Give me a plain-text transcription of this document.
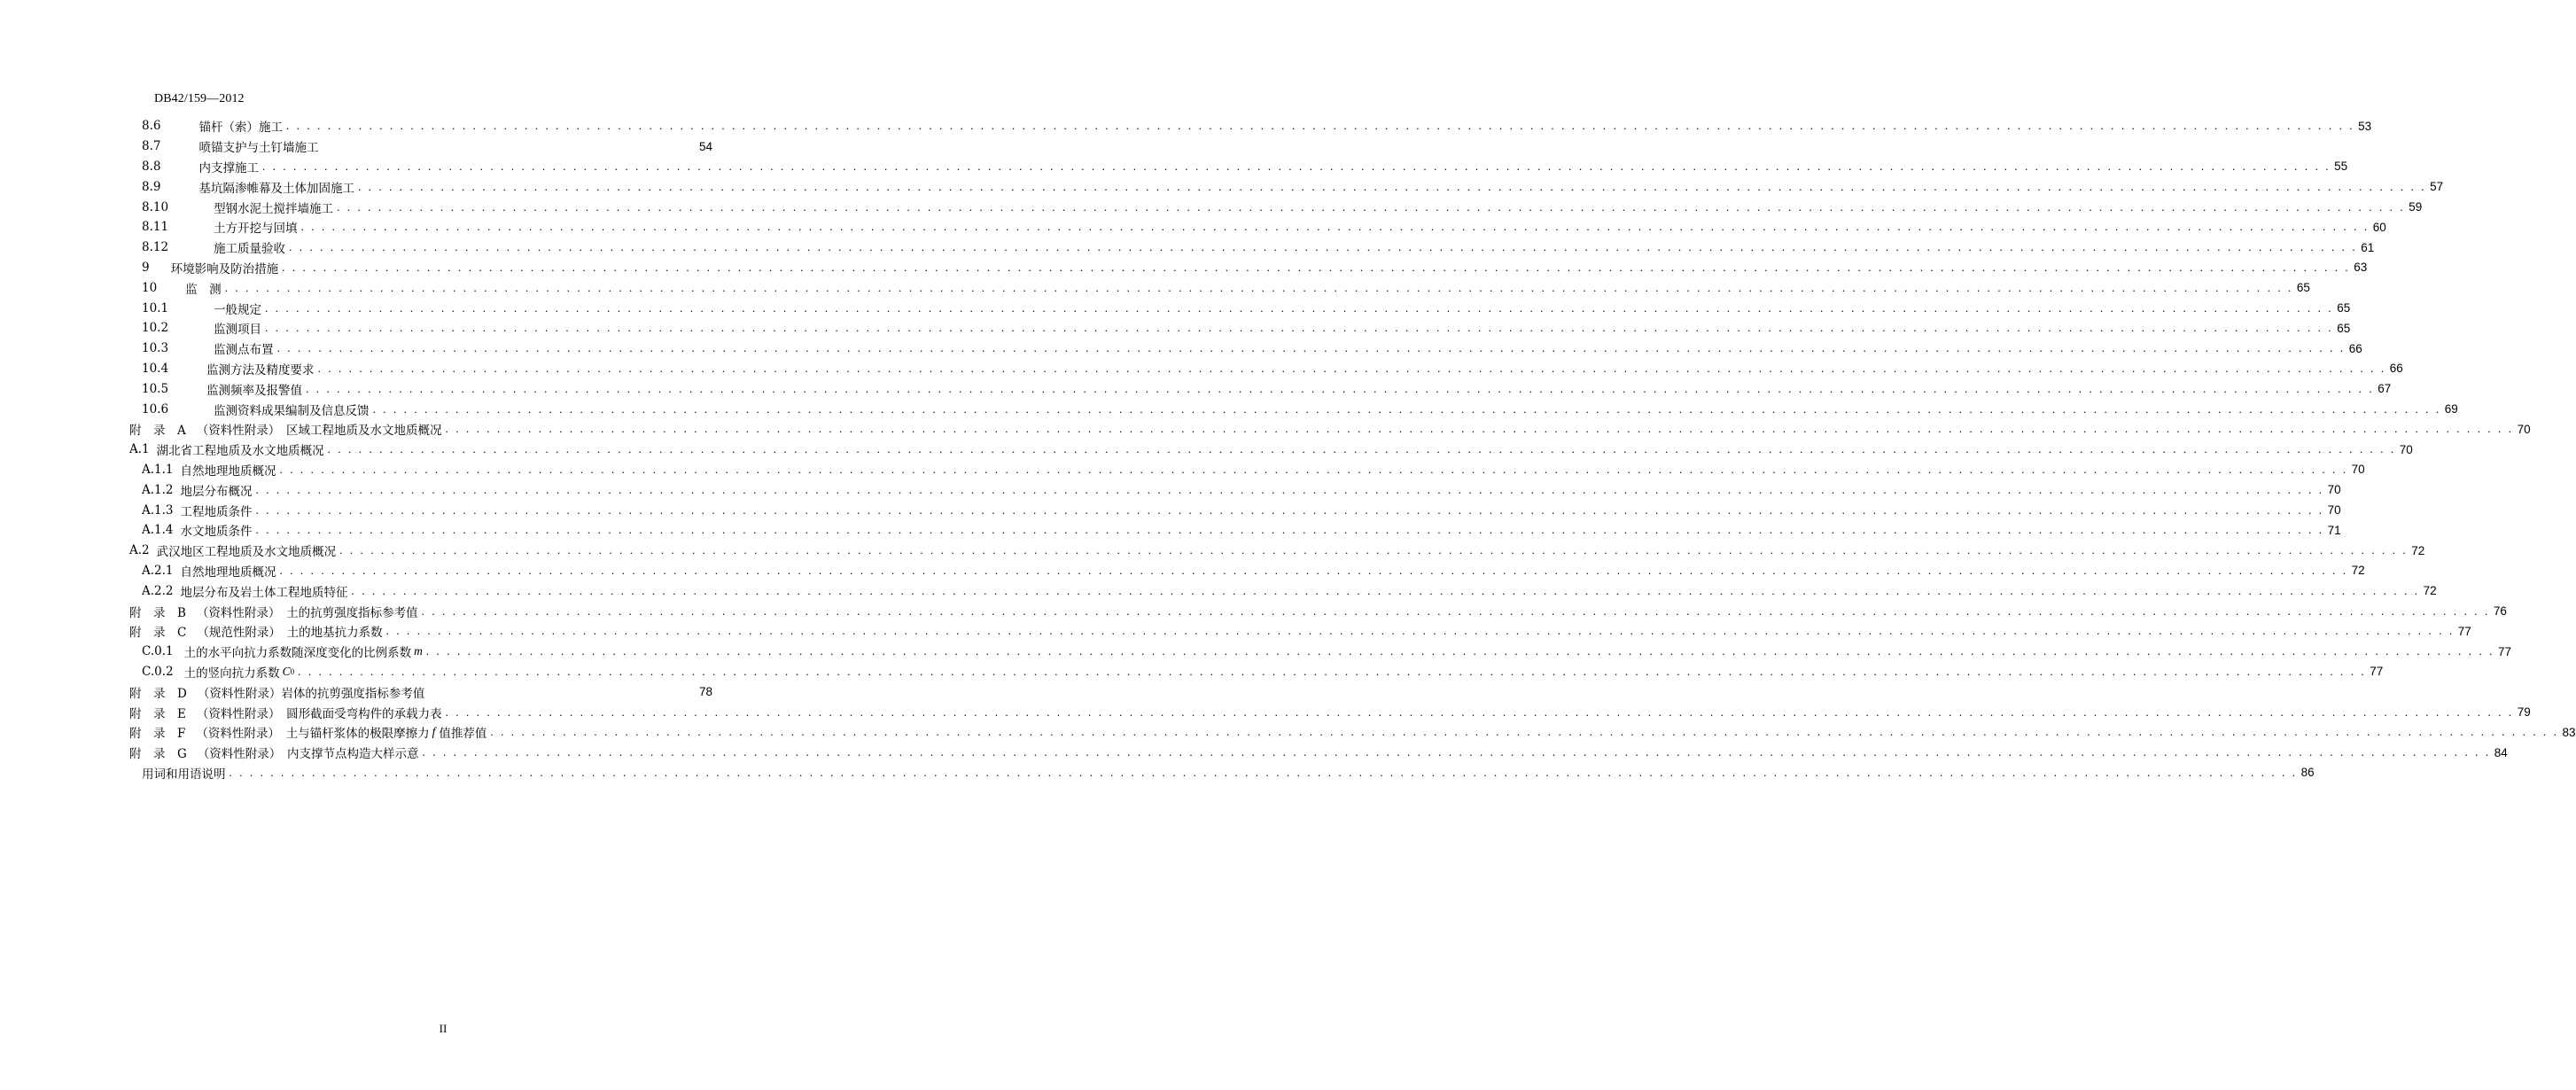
DB42/159—2012
8.6	锚杆（索）施工 . . . . . . . . . . . . . . . . . . . . . . . . . . . . . . . . . . . . . . . . . . . . . . . . . . . . . . . . . . . . . . . . . . . . . . . . . . . . . . . . . . . . . . . . . . . . . . . . . . . . . . . . . . . . . . . . . . . . . . . . . . . . . . . . . . . . . . . . . . . . . . . . . . . . . . . . . . . . . . . . . . . . . . . . . . . . . . . . . . . . . . . . . . . . . . . . . . . . . . . . 53
8.7	喷锚支护与土钉墙施工	54
8.8	内支撑施工 . . . . . . . . . . . . . . . . . . . . . . . . . . . . . . . . . . . . . . . . . . . . . . . . . . . . . . . . . . . . . . . . . . . . . . . . . . . . . . . . . . . . . . . . . . . . . . . . . . . . . . . . . . . . . . . . . . . . . . . . . . . . . . . . . . . . . . . . . . . . . . . . . . . . . . . . . . . . . . . . . . . . . . . . . . . . . . . . . . . . . . . . . . . . . . . . . . . . . . . . 55
8.9	基坑隔渗帷幕及土体加固施工 . . . . . . . . . . . . . . . . . . . . . . . . . . . . . . . . . . . . . . . . . . . . . . . . . . . . . . . . . . . . . . . . . . . . . . . . . . . . . . . . . . . . . . . . . . . . . . . . . . . . . . . . . . . . . . . . . . . . . . . . . . . . . . . . . . . . . . . . . . . . . . . . . . . . . . . . . . . . . . . . . . . . . . . . . . . . . . . . . . . . . . . . . . . . . . . . . . . . . . . . 57
8.10	型钢水泥土搅拌墙施工 . . . . . . . . . . . . . . . . . . . . . . . . . . . . . . . . . . . . . . . . . . . . . . . . . . . . . . . . . . . . . . . . . . . . . . . . . . . . . . . . . . . . . . . . . . . . . . . . . . . . . . . . . . . . . . . . . . . . . . . . . . . . . . . . . . . . . . . . . . . . . . . . . . . . . . . . . . . . . . . . . . . . . . . . . . . . . . . . . . . . . . . . . . . . . . . . . . . . . . . . 59
8.11	土方开挖与回填 . . . . . . . . . . . . . . . . . . . . . . . . . . . . . . . . . . . . . . . . . . . . . . . . . . . . . . . . . . . . . . . . . . . . . . . . . . . . . . . . . . . . . . . . . . . . . . . . . . . . . . . . . . . . . . . . . . . . . . . . . . . . . . . . . . . . . . . . . . . . . . . . . . . . . . . . . . . . . . . . . . . . . . . . . . . . . . . . . . . . . . . . . . . . . . . . . . . . . . . . 60
8.12	施工质量验收 . . . . . . . . . . . . . . . . . . . . . . . . . . . . . . . . . . . . . . . . . . . . . . . . . . . . . . . . . . . . . . . . . . . . . . . . . . . . . . . . . . . . . . . . . . . . . . . . . . . . . . . . . . . . . . . . . . . . . . . . . . . . . . . . . . . . . . . . . . . . . . . . . . . . . . . . . . . . . . . . . . . . . . . . . . . . . . . . . . . . . . . . . . . . . . . . . . . . . . . . 61
9 环境影响及防治措施 . . . . . . . . . . . . . . . . . . . . . . . . . . . . . . . . . . . . . . . . . . . . . . . . . . . . . . . . . . . . . . . . . . . . . . . . . . . . . . . . . . . . . . . . . . . . . . . . . . . . . . . . . . . . . . . . . . . . . . . . . . . . . . . . . . . . . . . . . . . . . . . . . . . . . . . . . . . . . . . . . . . . . . . . . . . . . . . . . . . . . . . . . . . . . . . . . . . . . . . . 63
10 监　测 . . . . . . . . . . . . . . . . . . . . . . . . . . . . . . . . . . . . . . . . . . . . . . . . . . . . . . . . . . . . . . . . . . . . . . . . . . . . . . . . . . . . . . . . . . . . . . . . . . . . . . . . . . . . . . . . . . . . . . . . . . . . . . . . . . . . . . . . . . . . . . . . . . . . . . . . . . . . . . . . . . . . . . . . . . . . . . . . . . . . . . . . . . . . . . . . . . . . . . . . 65
10.1	一般规定 . . . . . . . . . . . . . . . . . . . . . . . . . . . . . . . . . . . . . . . . . . . . . . . . . . . . . . . . . . . . . . . . . . . . . . . . . . . . . . . . . . . . . . . . . . . . . . . . . . . . . . . . . . . . . . . . . . . . . . . . . . . . . . . . . . . . . . . . . . . . . . . . . . . . . . . . . . . . . . . . . . . . . . . . . . . . . . . . . . . . . . . . . . . . . . . . . . . . . . . . 65
10.2	监测项目 . . . . . . . . . . . . . . . . . . . . . . . . . . . . . . . . . . . . . . . . . . . . . . . . . . . . . . . . . . . . . . . . . . . . . . . . . . . . . . . . . . . . . . . . . . . . . . . . . . . . . . . . . . . . . . . . . . . . . . . . . . . . . . . . . . . . . . . . . . . . . . . . . . . . . . . . . . . . . . . . . . . . . . . . . . . . . . . . . . . . . . . . . . . . . . . . . . . . . . . . 65
10.3	监测点布置 . . . . . . . . . . . . . . . . . . . . . . . . . . . . . . . . . . . . . . . . . . . . . . . . . . . . . . . . . . . . . . . . . . . . . . . . . . . . . . . . . . . . . . . . . . . . . . . . . . . . . . . . . . . . . . . . . . . . . . . . . . . . . . . . . . . . . . . . . . . . . . . . . . . . . . . . . . . . . . . . . . . . . . . . . . . . . . . . . . . . . . . . . . . . . . . . . . . . . . . . 66
10.4	监测方法及精度要求 . . . . . . . . . . . . . . . . . . . . . . . . . . . . . . . . . . . . . . . . . . . . . . . . . . . . . . . . . . . . . . . . . . . . . . . . . . . . . . . . . . . . . . . . . . . . . . . . . . . . . . . . . . . . . . . . . . . . . . . . . . . . . . . . . . . . . . . . . . . . . . . . . . . . . . . . . . . . . . . . . . . . . . . . . . . . . . . . . . . . . . . . . . . . . . . . . . . . . . . . 66
10.5	监测频率及报警值 . . . . . . . . . . . . . . . . . . . . . . . . . . . . . . . . . . . . . . . . . . . . . . . . . . . . . . . . . . . . . . . . . . . . . . . . . . . . . . . . . . . . . . . . . . . . . . . . . . . . . . . . . . . . . . . . . . . . . . . . . . . . . . . . . . . . . . . . . . . . . . . . . . . . . . . . . . . . . . . . . . . . . . . . . . . . . . . . . . . . . . . . . . . . . . . . . . . . . . . . 67
10.6	监测资料成果编制及信息反馈 . . . . . . . . . . . . . . . . . . . . . . . . . . . . . . . . . . . . . . . . . . . . . . . . . . . . . . . . . . . . . . . . . . . . . . . . . . . . . . . . . . . . . . . . . . . . . . . . . . . . . . . . . . . . . . . . . . . . . . . . . . . . . . . . . . . . . . . . . . . . . . . . . . . . . . . . . . . . . . . . . . . . . . . . . . . . . . . . . . . . . . . . . . . . . . . . . . . . . . . . 69
附　录　A （资料性附录）　区域工程地质及水文地质概况 . . . . . . . . . . . . . . . . . . . . . . . . . . . . . . . . . . . . . . . . . . . . . . . . . . . . . . . . . . . . . . . . . . . . . . . . . . . . . . . . . . . . . . . . . . . . . . . . . . . . . . . . . . . . . . . . . . . . . . . . . . . . . . . . . . . . . . . . . . . . . . . . . . . . . . . . . . . . . . . . . . . . . . . . . . . . . . . . . . . . . . . . . . . . . . . . . . . . . . . . 70
A.1 湖北省工程地质及水文地质概况 . . . . . . . . . . . . . . . . . . . . . . . . . . . . . . . . . . . . . . . . . . . . . . . . . . . . . . . . . . . . . . . . . . . . . . . . . . . . . . . . . . . . . . . . . . . . . . . . . . . . . . . . . . . . . . . . . . . . . . . . . . . . . . . . . . . . . . . . . . . . . . . . . . . . . . . . . . . . . . . . . . . . . . . . . . . . . . . . . . . . . . . . . . . . . . . . . . . . . . . . 70
A.1.1 自然地理地质概况 . . . . . . . . . . . . . . . . . . . . . . . . . . . . . . . . . . . . . . . . . . . . . . . . . . . . . . . . . . . . . . . . . . . . . . . . . . . . . . . . . . . . . . . . . . . . . . . . . . . . . . . . . . . . . . . . . . . . . . . . . . . . . . . . . . . . . . . . . . . . . . . . . . . . . . . . . . . . . . . . . . . . . . . . . . . . . . . . . . . . . . . . . . . . . . . . . . . . . . . . 70
A.1.2 地层分布概况 . . . . . . . . . . . . . . . . . . . . . . . . . . . . . . . . . . . . . . . . . . . . . . . . . . . . . . . . . . . . . . . . . . . . . . . . . . . . . . . . . . . . . . . . . . . . . . . . . . . . . . . . . . . . . . . . . . . . . . . . . . . . . . . . . . . . . . . . . . . . . . . . . . . . . . . . . . . . . . . . . . . . . . . . . . . . . . . . . . . . . . . . . . . . . . . . . . . . . . . . 70
A.1.3 工程地质条件 . . . . . . . . . . . . . . . . . . . . . . . . . . . . . . . . . . . . . . . . . . . . . . . . . . . . . . . . . . . . . . . . . . . . . . . . . . . . . . . . . . . . . . . . . . . . . . . . . . . . . . . . . . . . . . . . . . . . . . . . . . . . . . . . . . . . . . . . . . . . . . . . . . . . . . . . . . . . . . . . . . . . . . . . . . . . . . . . . . . . . . . . . . . . . . . . . . . . . . . . 70
A.1.4 水文地质条件 . . . . . . . . . . . . . . . . . . . . . . . . . . . . . . . . . . . . . . . . . . . . . . . . . . . . . . . . . . . . . . . . . . . . . . . . . . . . . . . . . . . . . . . . . . . . . . . . . . . . . . . . . . . . . . . . . . . . . . . . . . . . . . . . . . . . . . . . . . . . . . . . . . . . . . . . . . . . . . . . . . . . . . . . . . . . . . . . . . . . . . . . . . . . . . . . . . . . . . . . 71
A.2 武汉地区工程地质及水文地质概况 . . . . . . . . . . . . . . . . . . . . . . . . . . . . . . . . . . . . . . . . . . . . . . . . . . . . . . . . . . . . . . . . . . . . . . . . . . . . . . . . . . . . . . . . . . . . . . . . . . . . . . . . . . . . . . . . . . . . . . . . . . . . . . . . . . . . . . . . . . . . . . . . . . . . . . . . . . . . . . . . . . . . . . . . . . . . . . . . . . . . . . . . . . . . . . . . . . . . . . . . 72
A.2.1 自然地理地质概况 . . . . . . . . . . . . . . . . . . . . . . . . . . . . . . . . . . . . . . . . . . . . . . . . . . . . . . . . . . . . . . . . . . . . . . . . . . . . . . . . . . . . . . . . . . . . . . . . . . . . . . . . . . . . . . . . . . . . . . . . . . . . . . . . . . . . . . . . . . . . . . . . . . . . . . . . . . . . . . . . . . . . . . . . . . . . . . . . . . . . . . . . . . . . . . . . . . . . . . . . 72
A.2.2 地层分布及岩土体工程地质特征 . . . . . . . . . . . . . . . . . . . . . . . . . . . . . . . . . . . . . . . . . . . . . . . . . . . . . . . . . . . . . . . . . . . . . . . . . . . . . . . . . . . . . . . . . . . . . . . . . . . . . . . . . . . . . . . . . . . . . . . . . . . . . . . . . . . . . . . . . . . . . . . . . . . . . . . . . . . . . . . . . . . . . . . . . . . . . . . . . . . . . . . . . . . . . . . . . . . . . . . . 72
附　录　B （资料性附录）　土的抗剪强度指标参考值 . . . . . . . . . . . . . . . . . . . . . . . . . . . . . . . . . . . . . . . . . . . . . . . . . . . . . . . . . . . . . . . . . . . . . . . . . . . . . . . . . . . . . . . . . . . . . . . . . . . . . . . . . . . . . . . . . . . . . . . . . . . . . . . . . . . . . . . . . . . . . . . . . . . . . . . . . . . . . . . . . . . . . . . . . . . . . . . . . . . . . . . . . . . . . . . . . . . . . . . . 76
附　录　C （规范性附录）　土的地基抗力系数 . . . . . . . . . . . . . . . . . . . . . . . . . . . . . . . . . . . . . . . . . . . . . . . . . . . . . . . . . . . . . . . . . . . . . . . . . . . . . . . . . . . . . . . . . . . . . . . . . . . . . . . . . . . . . . . . . . . . . . . . . . . . . . . . . . . . . . . . . . . . . . . . . . . . . . . . . . . . . . . . . . . . . . . . . . . . . . . . . . . . . . . . . . . . . . . . . . . . . . . . 77
C.0.1 土的水平向抗力系数随深度变化的比例系数 m . . . . . . . . . . . . . . . . . . . . . . . . . . . . . . . . . . . . . . . . . . . . . . . . . . . . . . . . . . . . . . . . . . . . . . . . . . . . . . . . . . . . . . . . . . . . . . . . . . . . . . . . . . . . . . . . . . . . . . . . . . . . . . . . . . . . . . . . . . . . . . . . . . . . . . . . . . . . . . . . . . . . . . . . . . . . . . . . . . . . . . . . . . . . . . . . . . . . . . . . 77
C.0.2 土的竖向抗力系数 C 0 . . . . . . . . . . . . . . . . . . . . . . . . . . . . . . . . . . . . . . . . . . . . . . . . . . . . . . . . . . . . . . . . . . . . . . . . . . . . . . . . . . . . . . . . . . . . . . . . . . . . . . . . . . . . . . . . . . . . . . . . . . . . . . . . . . . . . . . . . . . . . . . . . . . . . . . . . . . . . . . . . . . . . . . . . . . . . . . . . . . . . . . . . . . . . . . . . . . . . . . . 77
附　录　D （资料性附录）岩体的抗剪强度指标参考值	78
附　录　E （资料性附录）　圆形截面受弯构件的承载力表 . . . . . . . . . . . . . . . . . . . . . . . . . . . . . . . . . . . . . . . . . . . . . . . . . . . . . . . . . . . . . . . . . . . . . . . . . . . . . . . . . . . . . . . . . . . . . . . . . . . . . . . . . . . . . . . . . . . . . . . . . . . . . . . . . . . . . . . . . . . . . . . . . . . . . . . . . . . . . . . . . . . . . . . . . . . . . . . . . . . . . . . . . . . . . . . . . . . . . . . . 79
附　录　F （资料性附录）　土与锚杆浆体的极限摩擦力 f 值推荐值 . . . . . . . . . . . . . . . . . . . . . . . . . . . . . . . . . . . . . . . . . . . . . . . . . . . . . . . . . . . . . . . . . . . . . . . . . . . . . . . . . . . . . . . . . . . . . . . . . . . . . . . . . . . . . . . . . . . . . . . . . . . . . . . . . . . . . . . . . . . . . . . . . . . . . . . . . . . . . . . . . . . . . . . . . . . . . . . . . . . . . . . . . . . . . . . . . . . . . . . . 83
附　录　G （资料性附录）　内支撑节点构造大样示意 . . . . . . . . . . . . . . . . . . . . . . . . . . . . . . . . . . . . . . . . . . . . . . . . . . . . . . . . . . . . . . . . . . . . . . . . . . . . . . . . . . . . . . . . . . . . . . . . . . . . . . . . . . . . . . . . . . . . . . . . . . . . . . . . . . . . . . . . . . . . . . . . . . . . . . . . . . . . . . . . . . . . . . . . . . . . . . . . . . . . . . . . . . . . . . . . . . . . . . . . 84
用词和用语说明 . . . . . . . . . . . . . . . . . . . . . . . . . . . . . . . . . . . . . . . . . . . . . . . . . . . . . . . . . . . . . . . . . . . . . . . . . . . . . . . . . . . . . . . . . . . . . . . . . . . . . . . . . . . . . . . . . . . . . . . . . . . . . . . . . . . . . . . . . . . . . . . . . . . . . . . . . . . . . . . . . . . . . . . . . . . . . . . . . . . . . . . . . . . . . . . . . . . . . . . . 86
II
